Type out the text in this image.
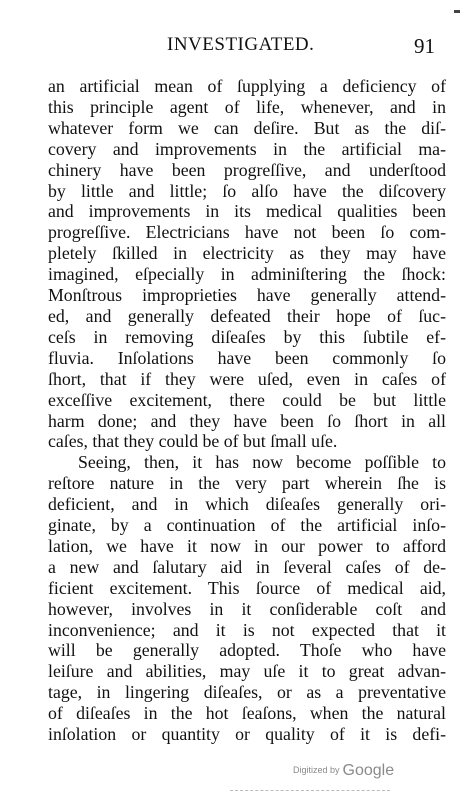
INVESTIGATED.	91
an artificial mean of ſupplying a deficiency of
this principle agent of life, whenever, and in
whatever form we can deſire. But as the diſ-
covery and improvements in the artificial ma-
chinery have been progreſſive, and underſtood
by little and little; ſo alſo have the diſcovery
and improvements in its medical qualities been
progreſſive. Electricians have not been ſo com-
pletely ſkilled in electricity as they may have
imagined, eſpecially in adminiſtering the ſhock:
Monſtrous improprieties have generally attend-
ed, and generally defeated their hope of ſuc-
ceſs in removing diſeaſes by this ſubtile ef-
fluvia. Inſolations have been commonly ſo
ſhort, that if they were uſed, even in caſes of
exceſſive excitement, there could be but little
harm done; and they have been ſo ſhort in all
caſes, that they could be of but ſmall uſe.
Seeing, then, it has now become poſſible to
reſtore nature in the very part wherein ſhe is
deficient, and in which diſeaſes generally ori-
ginate, by a continuation of the artificial inſo-
lation, we have it now in our power to afford
a new and ſalutary aid in ſeveral caſes of de-
ficient excitement. This ſource of medical aid,
however, involves in it conſiderable coſt and
inconvenience; and it is not expected that it
will be generally adopted. Thoſe who have
leiſure and abilities, may uſe it to great advan-
tage, in lingering diſeaſes, or as a preventative
of diſeaſes in the hot ſeaſons, when the natural
inſolation or quantity or quality of it is defi-
Digitized by Google
